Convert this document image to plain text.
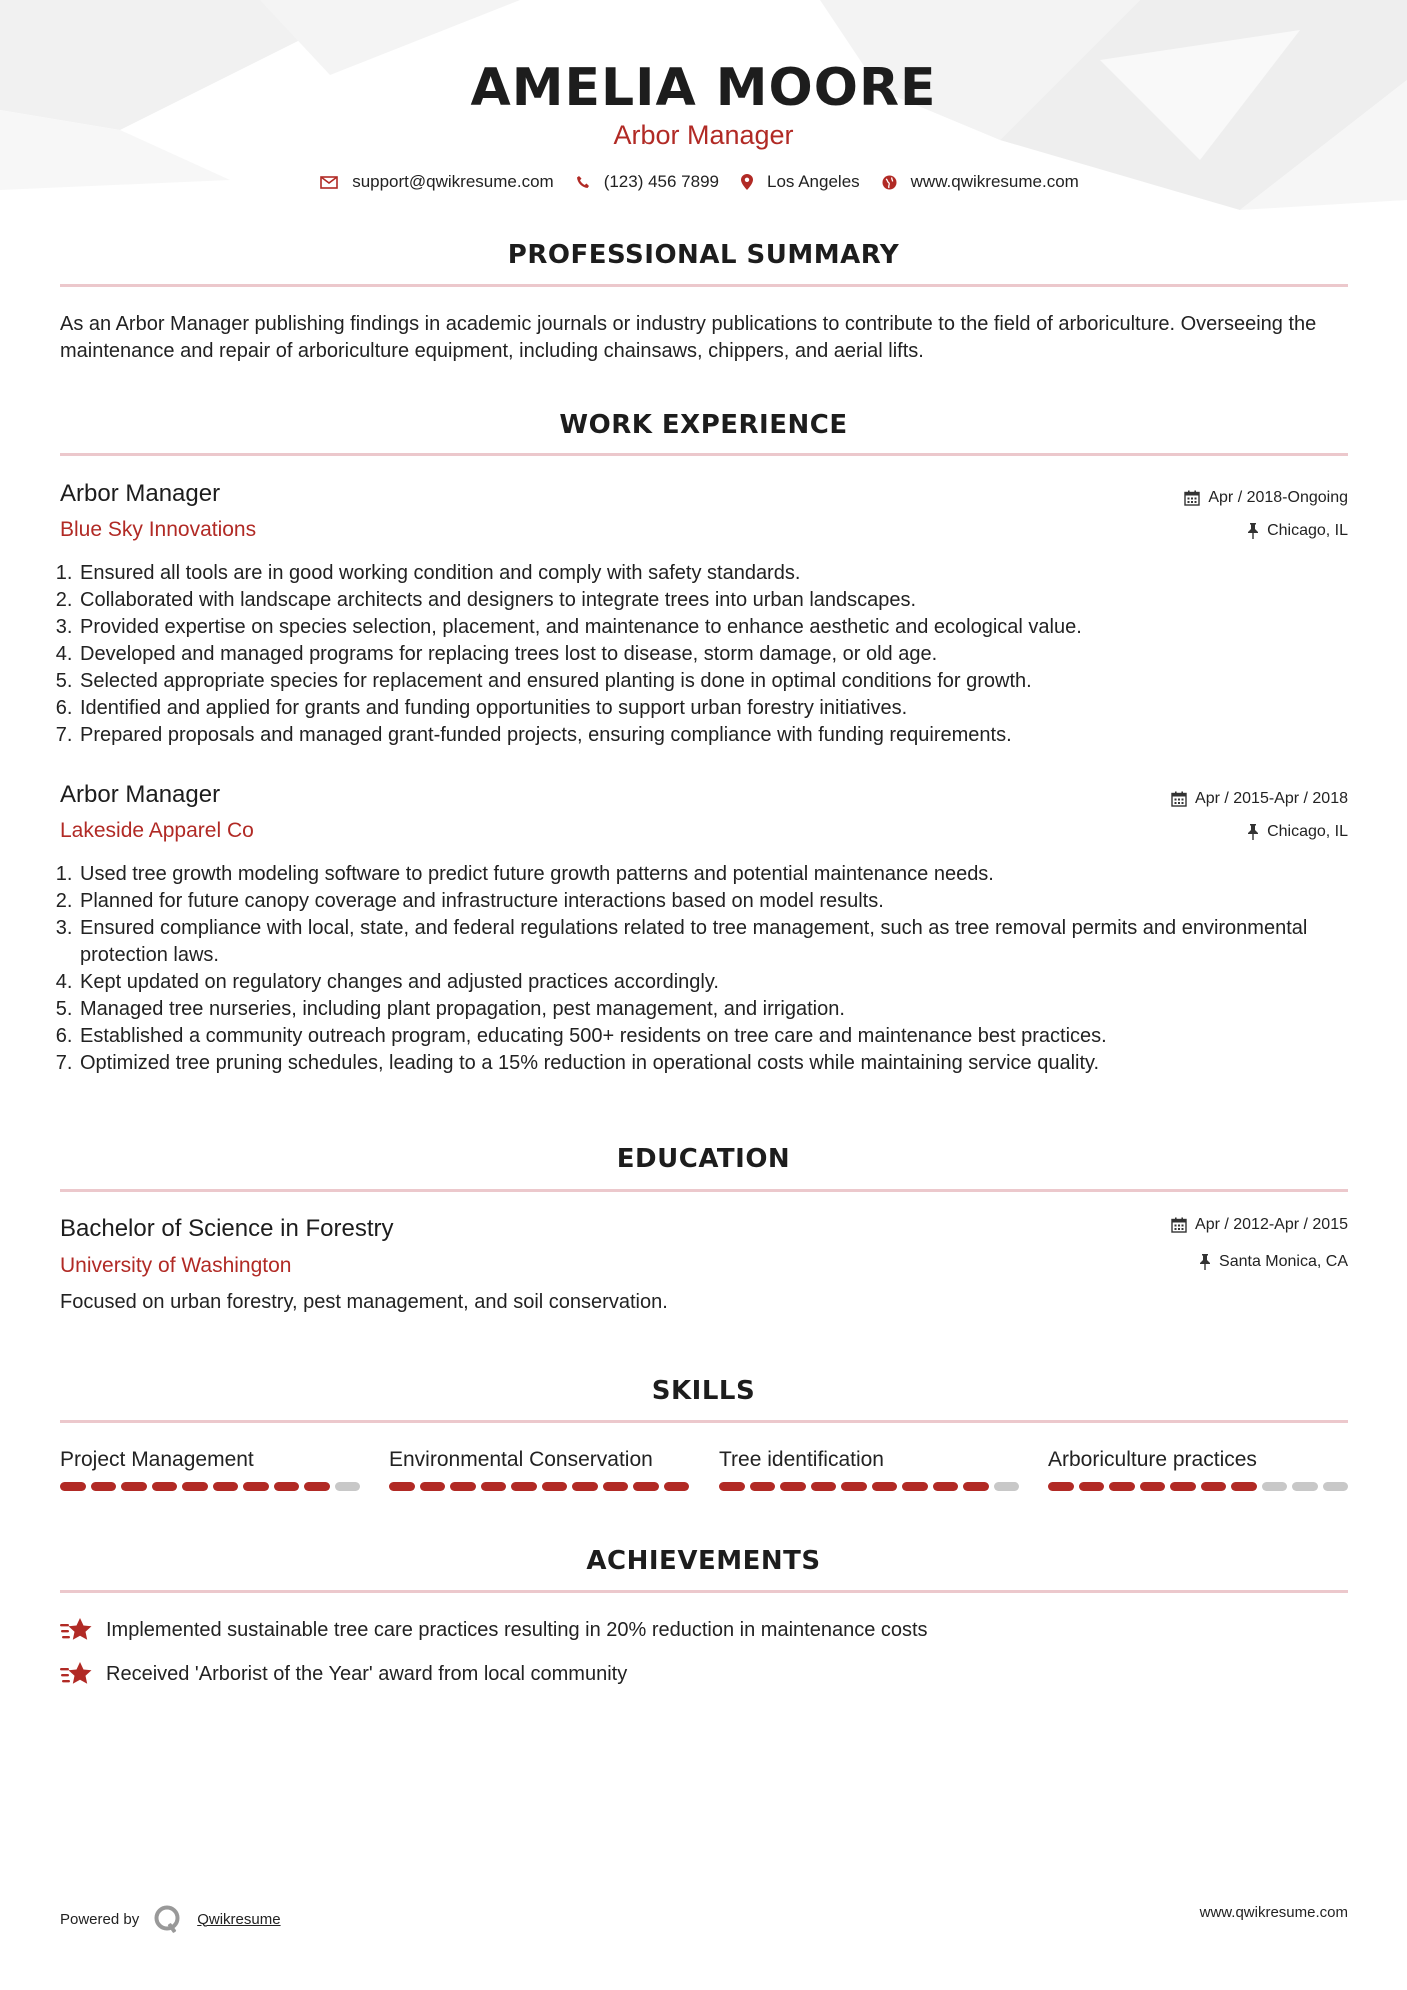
AMELIA MOORE
Arbor Manager
support@qwikresume.com	(123) 456 7899	Los Angeles	www.qwikresume.com
PROFESSIONAL SUMMARY

As an Arbor Manager publishing findings in academic journals or industry publications to contribute to the field of arboriculture. Overseeing the maintenance and repair of arboriculture equipment, including chainsaws, chippers, and aerial lifts.

WORK EXPERIENCE
Arbor Manager	Apr / 2018-Ongoing
Blue Sky Innovations	Chicago, IL
1. Ensured all tools are in good working condition and comply with safety standards.
2. Collaborated with landscape architects and designers to integrate trees into urban landscapes.
3. Provided expertise on species selection, placement, and maintenance to enhance aesthetic and ecological value.
4. Developed and managed programs for replacing trees lost to disease, storm damage, or old age.
5. Selected appropriate species for replacement and ensured planting is done in optimal conditions for growth.
6. Identified and applied for grants and funding opportunities to support urban forestry initiatives.
7. Prepared proposals and managed grant-funded projects, ensuring compliance with funding requirements.
Arbor Manager	Apr / 2015-Apr / 2018
Lakeside Apparel Co	Chicago, IL
1. Used tree growth modeling software to predict future growth patterns and potential maintenance needs.
2. Planned for future canopy coverage and infrastructure interactions based on model results.
3. Ensured compliance with local, state, and federal regulations related to tree management, such as tree removal permits and environmental protection laws.
4. Kept updated on regulatory changes and adjusted practices accordingly.
5. Managed tree nurseries, including plant propagation, pest management, and irrigation.
6. Established a community outreach program, educating 500+ residents on tree care and maintenance best practices.
7. Optimized tree pruning schedules, leading to a 15% reduction in operational costs while maintaining service quality.
EDUCATION
Bachelor of Science in Forestry	Apr / 2012-Apr / 2015
University of Washington	Santa Monica, CA

Focused on urban forestry, pest management, and soil conservation.

SKILLS
Project Management	Environmental Conservation	Tree identification	Arboriculture practices
ACHIEVEMENTS
Implemented sustainable tree care practices resulting in 20% reduction in maintenance costs
Received 'Arborist of the Year' award from local community
Powered by	Qwikresume	www.qwikresume.com
